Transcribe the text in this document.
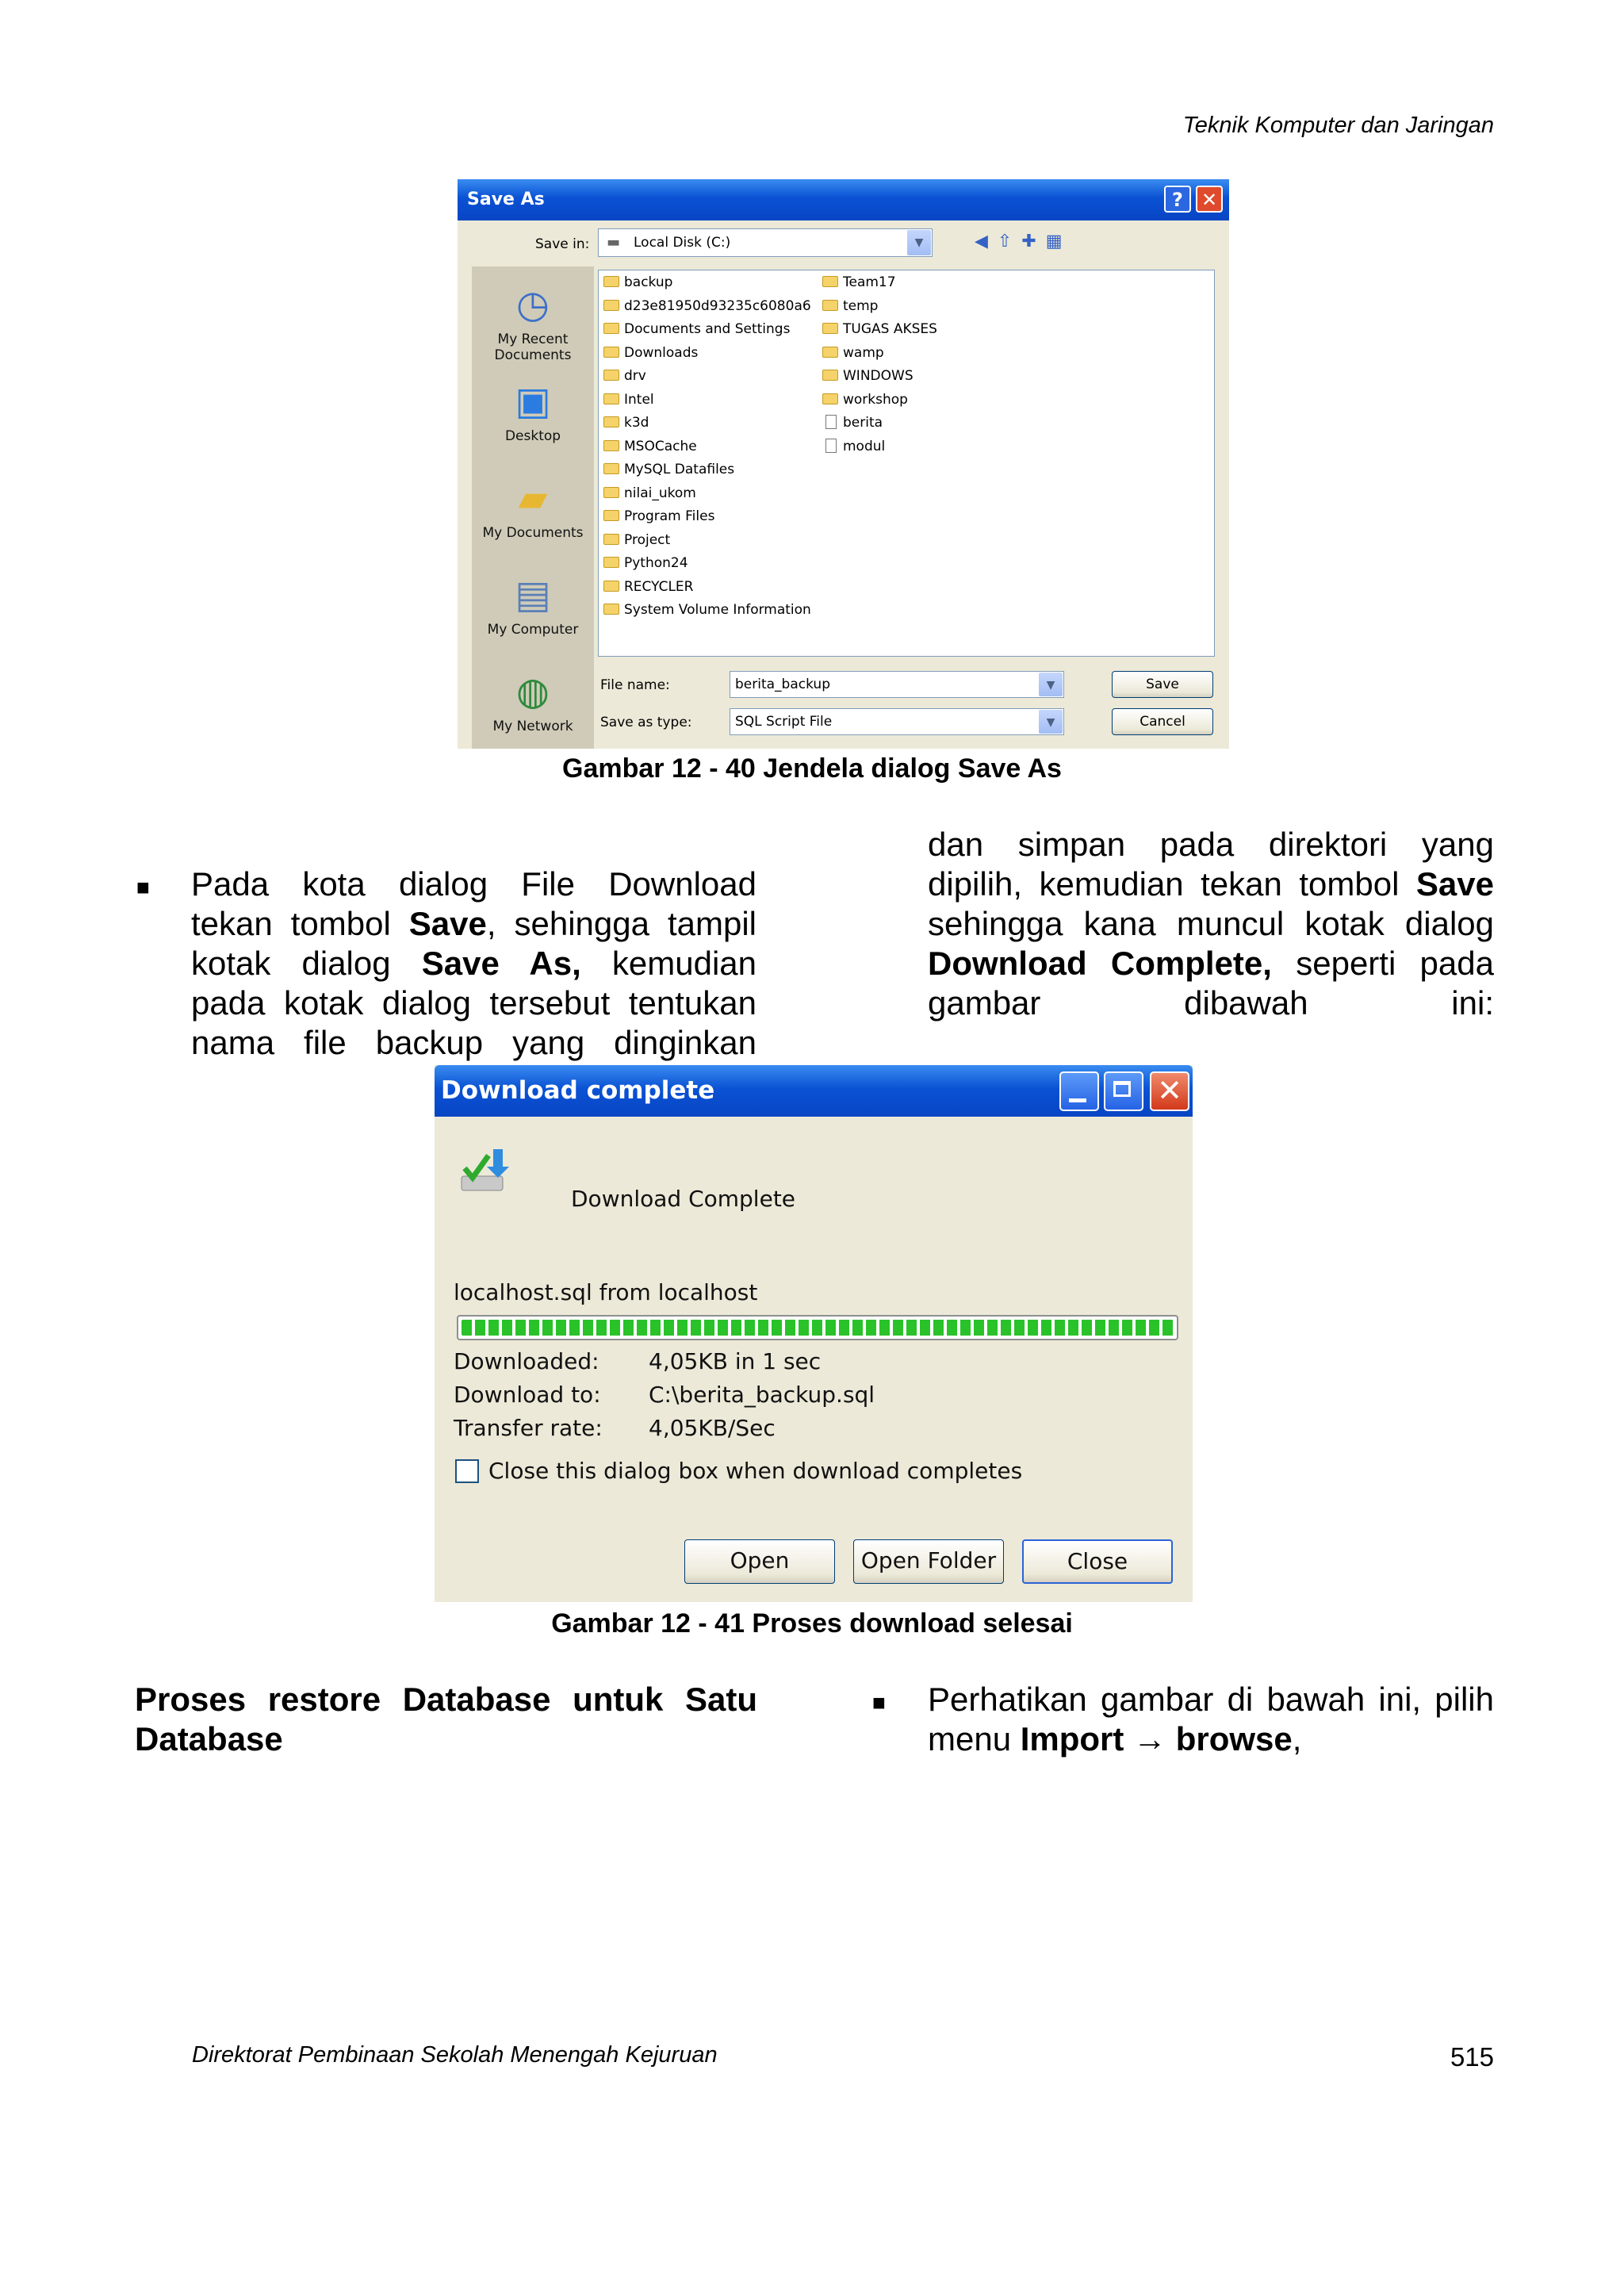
Teknik Komputer dan Jaringan
Save As	? ✕
Save in: ▬ Local Disk (C:)	▼	◀⇧✚▦
◷
My Recent Documents
▣
Desktop
▰
My Documents
▤
My Computer
◍
My Network
backup
d23e81950d93235c6080a6
Documents and Settings
Downloads
drv
Intel
k3d
MSOCache
MySQL Datafiles
nilai_ukom
Program Files
Project
Python24
RECYCLER
System Volume Information
Team17
temp
TUGAS AKSES
wamp
WINDOWS
workshop
berita
modul
File name:	berita_backup	▼
Save as type:	SQL Script File	▼
Save
Cancel
Gambar 12 - 40 Jendela dialog Save As
■ Pada kota dialog File Download
tekan tombol Save, sehingga tampil
kotak dialog Save As, kemudian
pada kotak dialog tersebut tentukan
nama file backup yang dinginkan
dan simpan pada direktori yang
dipilih, kemudian tekan tombol Save
sehingga kana muncul kotak dialog
Download Complete, seperti pada
gambar dibawah ini:
Download complete	✕
Download Complete
localhost.sql from localhost
Downloaded: 4,05KB in 1 sec
Download to: C:\berita_backup.sql
Transfer rate: 4,05KB/Sec
Close this dialog box when download completes
Open	Open Folder	Close
Gambar 12 - 41 Proses download selesai
Proses restore Database untuk Satu Database
■ Perhatikan gambar di bawah ini, pilih menu Import → browse,
Direktorat Pembinaan Sekolah Menengah Kejuruan	515
